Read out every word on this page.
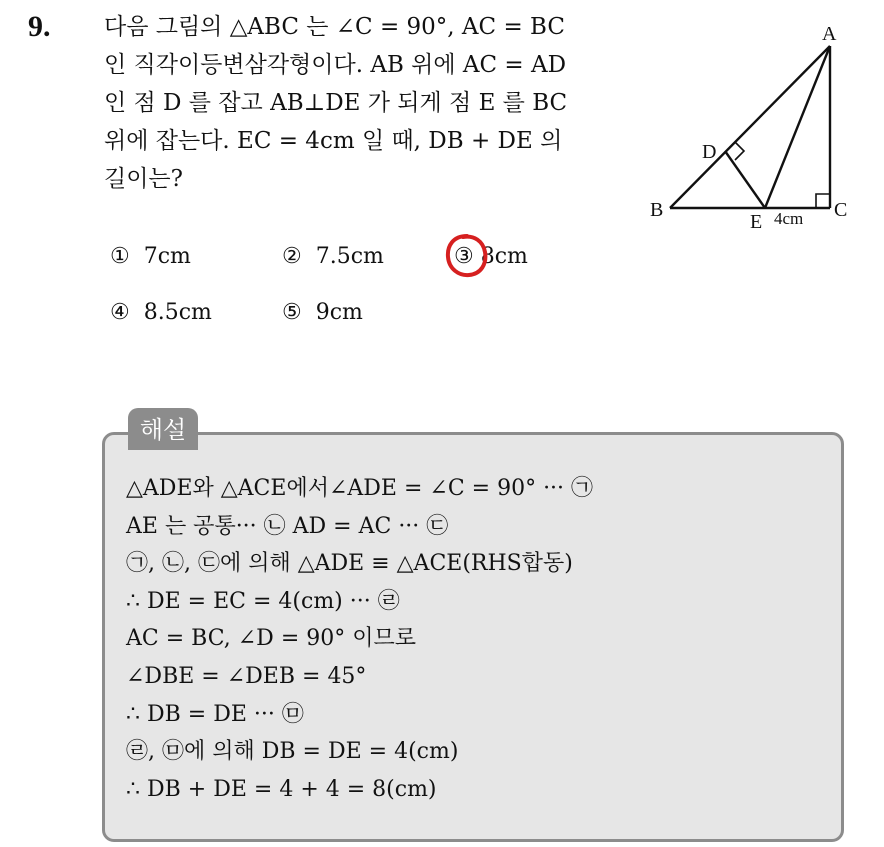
9. 다음 그림의 △ABC 는 ∠C = 90°, AC = BC
인 직각이등변삼각형이다. AB 위에 AC = AD
인 점 D 를 잡고 AB⊥DE 가 되게 점 E 를 BC
위에 잡는다. EC = 4cm 일 때, DB + DE 의
길이는?
A
B	C
D
E 4cm
① 7cm	② 7.5cm	③ 8cm
④ 8.5cm	⑤ 9cm
해설
△ADE와 △ACE에서∠ADE = ∠C = 90° ··· ㉠
AE 는 공통··· ㉡ AD = AC ··· ㉢
㉠, ㉡, ㉢에 의해 △ADE ≡ △ACE(RHS합동)
∴ DE = EC = 4(cm) ··· ㉣
AC = BC, ∠D = 90° 이므로
∠DBE = ∠DEB = 45°
∴ DB = DE ··· ㉤
㉣, ㉤에 의해 DB = DE = 4(cm)
∴ DB + DE = 4 + 4 = 8(cm)
